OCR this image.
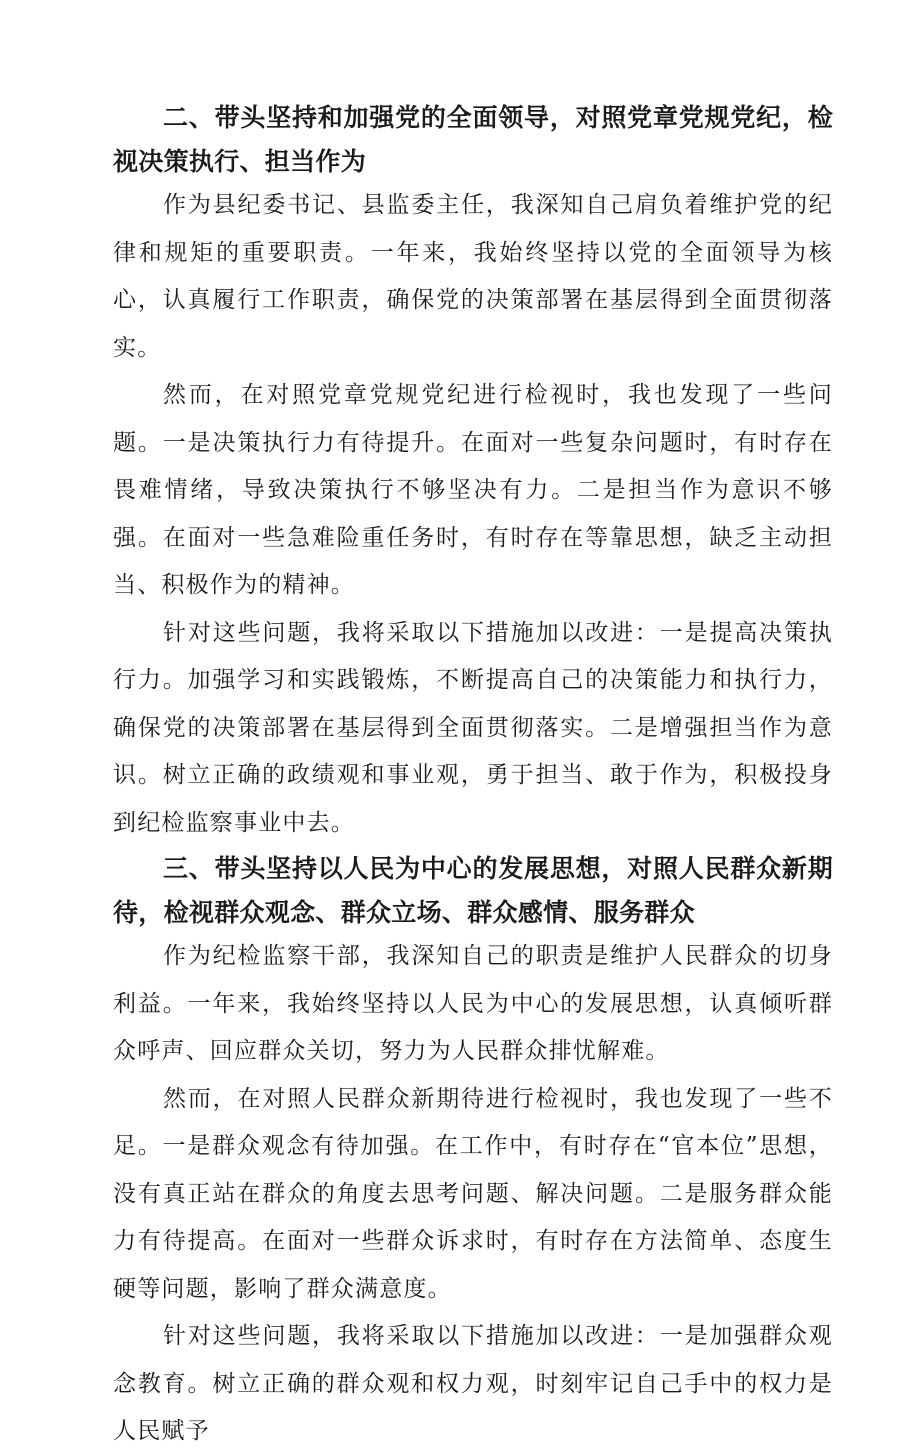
二、带头坚持和加强党的全面领导，对照党章党规党纪，检视决策执行、担当作为

作为县纪委书记、县监委主任，我深知自己肩负着维护党的纪律和规矩的重要职责。一年来，我始终坚持以党的全面领导为核心，认真履行工作职责，确保党的决策部署在基层得到全面贯彻落实。

然而，在对照党章党规党纪进行检视时，我也发现了一些问题。一是决策执行力有待提升。在面对一些复杂问题时，有时存在畏难情绪，导致决策执行不够坚决有力。二是担当作为意识不够强。在面对一些急难险重任务时，有时存在等靠思想，缺乏主动担当、积极作为的精神。

针对这些问题，我将采取以下措施加以改进：一是提高决策执行力。加强学习和实践锻炼，不断提高自己的决策能力和执行力，确保党的决策部署在基层得到全面贯彻落实。二是增强担当作为意识。树立正确的政绩观和事业观，勇于担当、敢于作为，积极投身到纪检监察事业中去。

三、带头坚持以人民为中心的发展思想，对照人民群众新期待，检视群众观念、群众立场、群众感情、服务群众

作为纪检监察干部，我深知自己的职责是维护人民群众的切身利益。一年来，我始终坚持以人民为中心的发展思想，认真倾听群众呼声、回应群众关切，努力为人民群众排忧解难。

然而，在对照人民群众新期待进行检视时，我也发现了一些不足。一是群众观念有待加强。在工作中，有时存在“官本位”思想，没有真正站在群众的角度去思考问题、解决问题。二是服务群众能力有待提高。在面对一些群众诉求时，有时存在方法简单、态度生硬等问题，影响了群众满意度。

针对这些问题，我将采取以下措施加以改进：一是加强群众观念教育。树立正确的群众观和权力观，时刻牢记自己手中的权力是人民赋予
